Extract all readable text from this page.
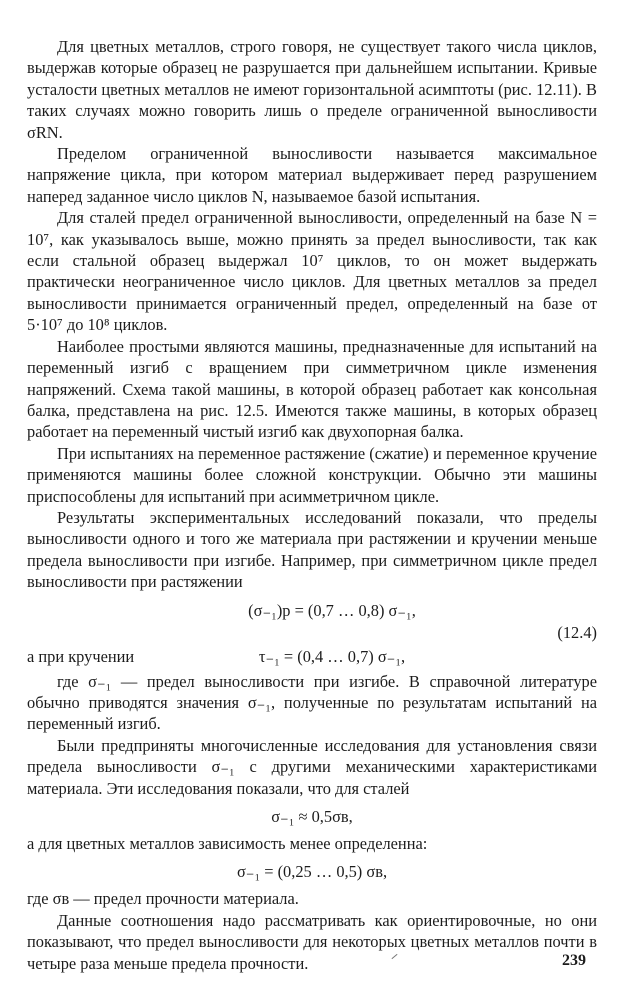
Для цветных металлов, строго говоря, не существует такого числа циклов, выдержав которые образец не разрушается при дальнейшем испытании. Кривые усталости цветных металлов не имеют горизонтальной асимптоты (рис. 12.11). В таких случаях можно говорить лишь о пределе ограниченной выносливости σRN.

Пределом ограниченной выносливости называется максимальное напряжение цикла, при котором материал выдерживает перед разрушением наперед заданное число циклов N, называемое базой испытания.

Для сталей предел ограниченной выносливости, определенный на базе N = 10⁷, как указывалось выше, можно принять за предел выносливости, так как если стальной образец выдержал 10⁷ циклов, то он может выдержать практически неограниченное число циклов. Для цветных металлов за предел выносливости принимается ограниченный предел, определенный на базе от 5·10⁷ до 10⁸ циклов.

Наиболее простыми являются машины, предназначенные для испытаний на переменный изгиб с вращением при симметричном цикле изменения напряжений. Схема такой машины, в которой образец работает как консольная балка, представлена на рис. 12.5. Имеются также машины, в которых образец работает на переменный чистый изгиб как двухопорная балка.

При испытаниях на переменное растяжение (сжатие) и переменное кручение применяются машины более сложной конструкции. Обычно эти машины приспособлены для испытаний при асимметричном цикле.

Результаты экспериментальных исследований показали, что пределы выносливости одного и того же материала при растяжении и кручении меньше предела выносливости при изгибе. Например, при симметричном цикле предел выносливости при растяжении

(σ₋₁)р = (0,7 … 0,8) σ₋₁,
(12.4)
а при кручении	τ₋₁ = (0,4 … 0,7) σ₋₁,

где σ₋₁ — предел выносливости при изгибе. В справочной литературе обычно приводятся значения σ₋₁, полученные по результатам испытаний на переменный изгиб.

Были предприняты многочисленные исследования для установления связи предела выносливости σ₋₁ с другими механическими характеристиками материала. Эти исследования показали, что для сталей

σ₋₁ ≈ 0,5σв,

а для цветных металлов зависимость менее определенна:

σ₋₁ = (0,25 … 0,5) σв,

где σв — предел прочности материала.

Данные соотношения надо рассматривать как ориентировочные, но они показывают, что предел выносливости для некоторых цветных металлов почти в четыре раза меньше предела прочности.	239
